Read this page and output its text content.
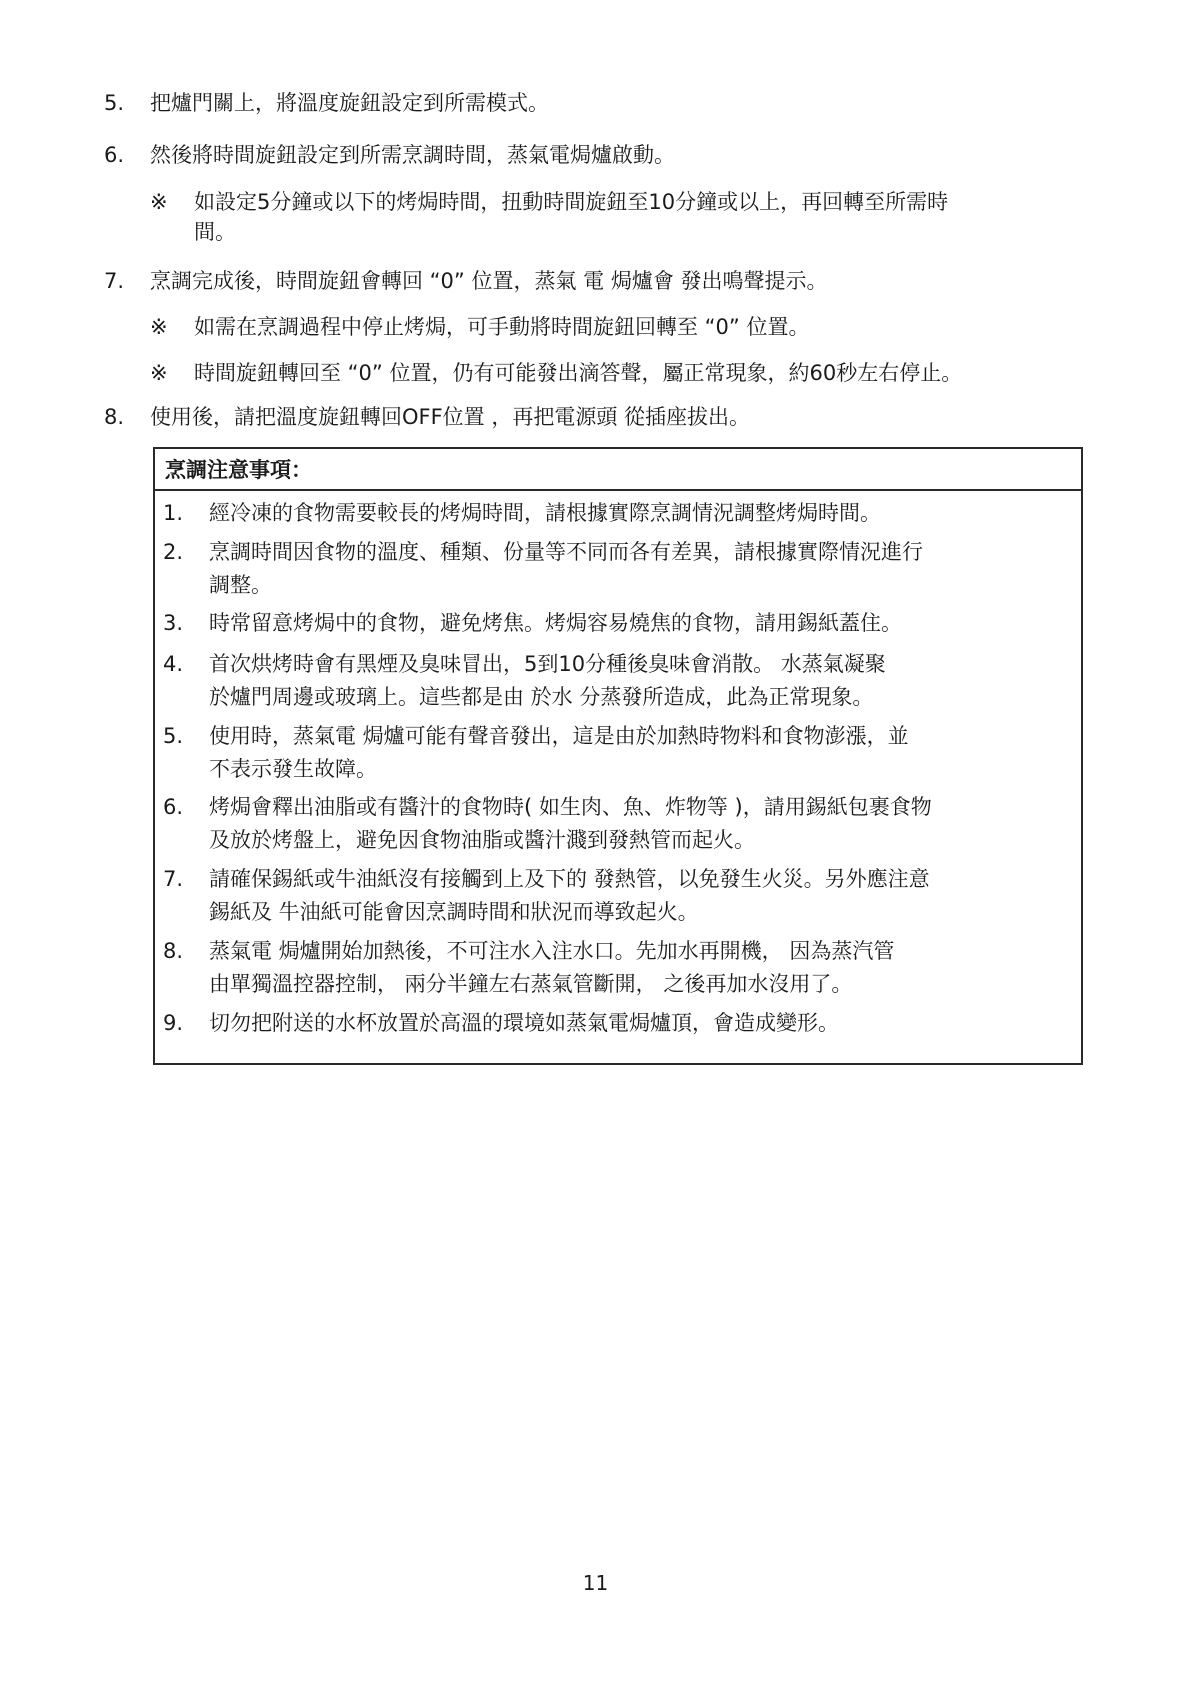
5.	把爐門關上，將溫度旋鈕設定到所需模式。
6.	然後將時間旋鈕設定到所需烹調時間，蒸氣電焗爐啟動。
※	如設定5分鐘或以下的烤焗時間，扭動時間旋鈕至10分鐘或以上，再回轉至所需時
間。
7.	烹調完成後，時間旋鈕會轉回 “0” 位置，蒸氣 電 焗爐會 發出鳴聲提示。
※	如需在烹調過程中停止烤焗，可手動將時間旋鈕回轉至 “0” 位置。
※	時間旋鈕轉回至 “0” 位置，仍有可能發出滴答聲，屬正常現象，約60秒左右停止。
8.	使用後，請把溫度旋鈕轉回OFF位置 ，再把電源頭 從插座拔出。
烹調注意事項：
1.	經冷凍的食物需要較長的烤焗時間，請根據實際烹調情況調整烤焗時間。
2.	烹調時間因食物的溫度、種類、份量等不同而各有差異，請根據實際情況進行
調整。
3.	時常留意烤焗中的食物，避免烤焦。烤焗容易燒焦的食物，請用錫紙蓋住。
4.	首次烘烤時會有黑煙及臭味冒出，5到10分種後臭味會消散。 水蒸氣凝聚
於爐門周邊或玻璃上。這些都是由 於水 分蒸發所造成，此為正常現象。
5.	使用時，蒸氣電 焗爐可能有聲音發出，這是由於加熱時物料和食物澎漲，並
不表示發生故障。
6.	烤焗會釋出油脂或有醬汁的食物時( 如生肉、魚、炸物等 )，請用錫紙包裹食物
及放於烤盤上，避免因食物油脂或醬汁濺到發熱管而起火。
7.	請確保錫紙或牛油紙沒有接觸到上及下的 發熱管，以免發生火災。另外應注意
錫紙及 牛油紙可能會因烹調時間和狀況而導致起火。
8.	蒸氣電 焗爐開始加熱後，不可注水入注水口。先加水再開機， 因為蒸汽管
由單獨溫控器控制， 兩分半鐘左右蒸氣管斷開， 之後再加水沒用了。
9.	切勿把附送的水杯放置於高溫的環境如蒸氣電焗爐頂，會造成變形。
11
